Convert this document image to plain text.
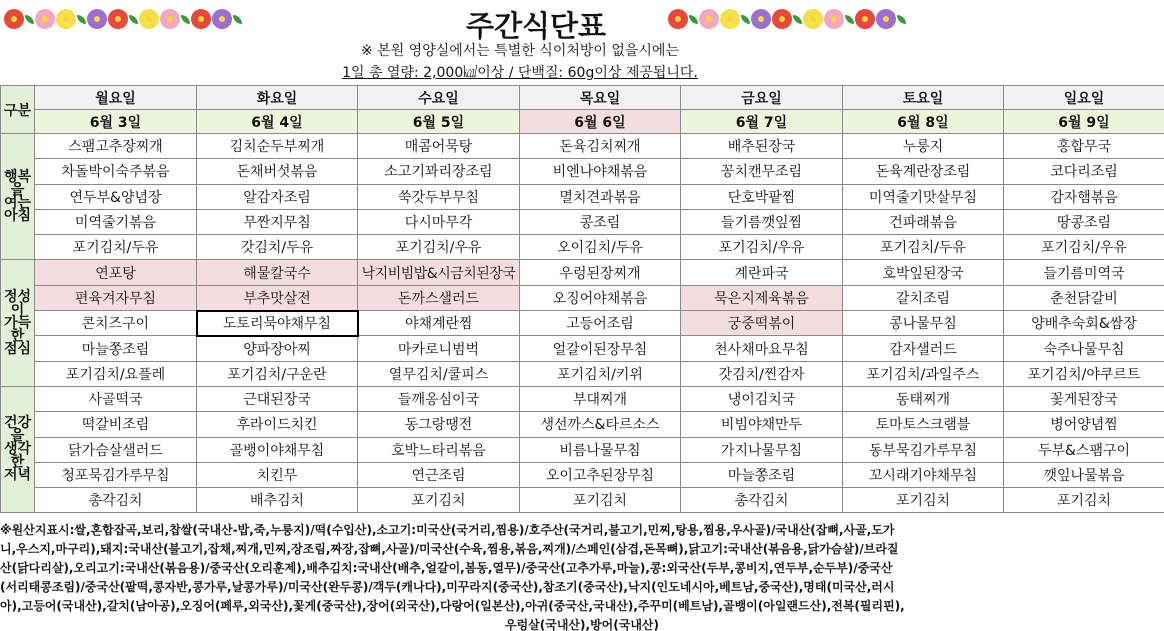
주간식단표
※ 본원 영양실에서는 특별한 식이처방이 없을시에는
1일 총 열량: 2,000㎉이상 / 단백질: 60g이상 제공됩니다.
구분	월요일	화요일	수요일	목요일	금요일	토요일	일요일
	6월 3일	6월 4일	6월 5일	6월 6일	6월 7일	6월 8일	6월 9일
행복을
여는
아침	스팸고추장찌개	김치순두부찌개	매콤어묵탕	돈육김치찌개	배추된장국	누룽지	홍합무국
	차돌박이숙주볶음	돈채버섯볶음	소고기꽈리장조림	비엔나야채볶음	꽁치캔무조림	돈육계란장조림	코다리조림
	연두부&양념장	알감자조림	쑥갓두부무침	멸치견과볶음	단호박팥찜	미역줄기맛살무침	감자햄볶음
	미역줄기볶음	무짠지무침	다시마무각	콩조림	들기름깻잎찜	건파래볶음	땅콩조림
	포기김치/두유	갓김치/두유	포기김치/우유	오이김치/두유	포기김치/우유	포기김치/두유	포기김치/우유
정성이
가득한
점심	연포탕	해물칼국수	낙지비빔밥&시금치된장국	우렁된장찌개	계란파국	호박잎된장국	들기름미역국
	편육겨자무침	부추맛살전	돈까스샐러드	오징어야채볶음	묵은지제육볶음	갈치조림	춘천닭갈비
	콘치즈구이	도토리묵야채무침	야채계란찜	고등어조림	궁중떡볶이	콩나물무침	양배추숙회&쌈장
	마늘쫑조림	양파장아찌	마카로니범벅	얼갈이된장무침	천사채마요무침	감자샐러드	숙주나물무침
	포기김치/요플레	포기김치/구운란	열무김치/쿨피스	포기김치/키위	갓김치/찐감자	포기김치/과일주스	포기김치/야쿠르트
건강을
생각한
저녁	사골떡국	근대된장국	들깨옹심이국	부대찌개	냉이김치국	동태찌개	꽃게된장국
	떡갈비조림	후라이드치킨	동그랑땡전	생선까스&타르소스	비빔야채만두	토마토스크램블	병어양념찜
	닭가슴살샐러드	골뱅이야채무침	호박느타리볶음	비름나물무침	가지나물무침	동부묵김가루무침	두부&스팸구이
	청포묵김가루무침	치킨무	연근조림	오이고추된장무침	마늘쫑조림	꼬시래기야채무침	깻잎나물볶음
	총각김치	배추김치	포기김치	포기김치	총각김치	포기김치	포기김치
※원산지표시:쌀,혼합잡곡,보리,찹쌀(국내산-밥,죽,누룽지)/떡(수입산),소고기:미국산(국거리,찜용)/호주산(국거리,불고기,민찌,탕용,찜용,우사골)/국내산(잡뼈,사골,도가
니,우스지,마구리),돼지:국내산(불고기,잡채,찌개,민찌,장조림,짜장,잡뼈,사골)/미국산(수육,찜용,볶음,찌개)/스페인(삼겹,돈목뼈),닭고기:국내산(볶음용,닭가슴살)/브라질
산(닭다리살),오리고기:국내산(볶음용)/중국산(오리훈제),배추김치:국내산(배추,얼갈이,봄동,열무)/중국산(고추가루,마늘),콩:외국산(두부,콩비지,연두부,순두부)/중국산
(서리태콩조림)/중국산(팥떡,콩자반,콩가루,날콩가루)/미국산(완두콩)/객두(캐나다),미꾸라지(중국산),참조기(중국산),낙지(인도네시아,베트남,중국산),명태(미국산,러시
아),고등어(국내산),갈치(남아공),오징어(페루,외국산),꽃게(중국산),장어(외국산),다랑어(일본산),아귀(중국산,국내산),주꾸미(베트남),골뱅이(아일랜드산),전복(필리핀),
우렁살(국내산),방어(국내산)
